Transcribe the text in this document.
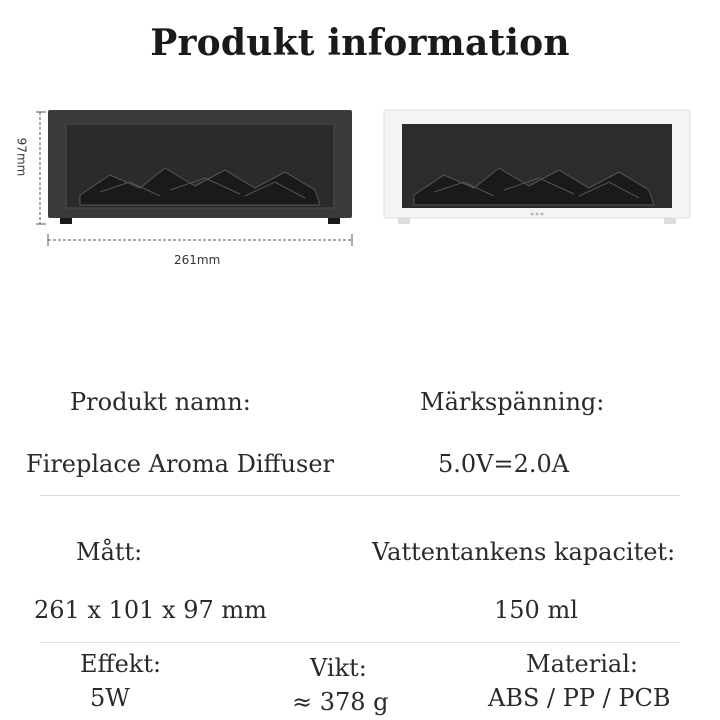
Produkt information
97mm
261mm
Produkt namn:	Märkspänning:
Fireplace Aroma Diffuser	5.0V=2.0A
Mått:	Vattentankens kapacitet:
261 x 101 x 97 mm	150 ml
Effekt:	Vikt:	Material:
5W	≈ 378 g	ABS / PP / PCB
